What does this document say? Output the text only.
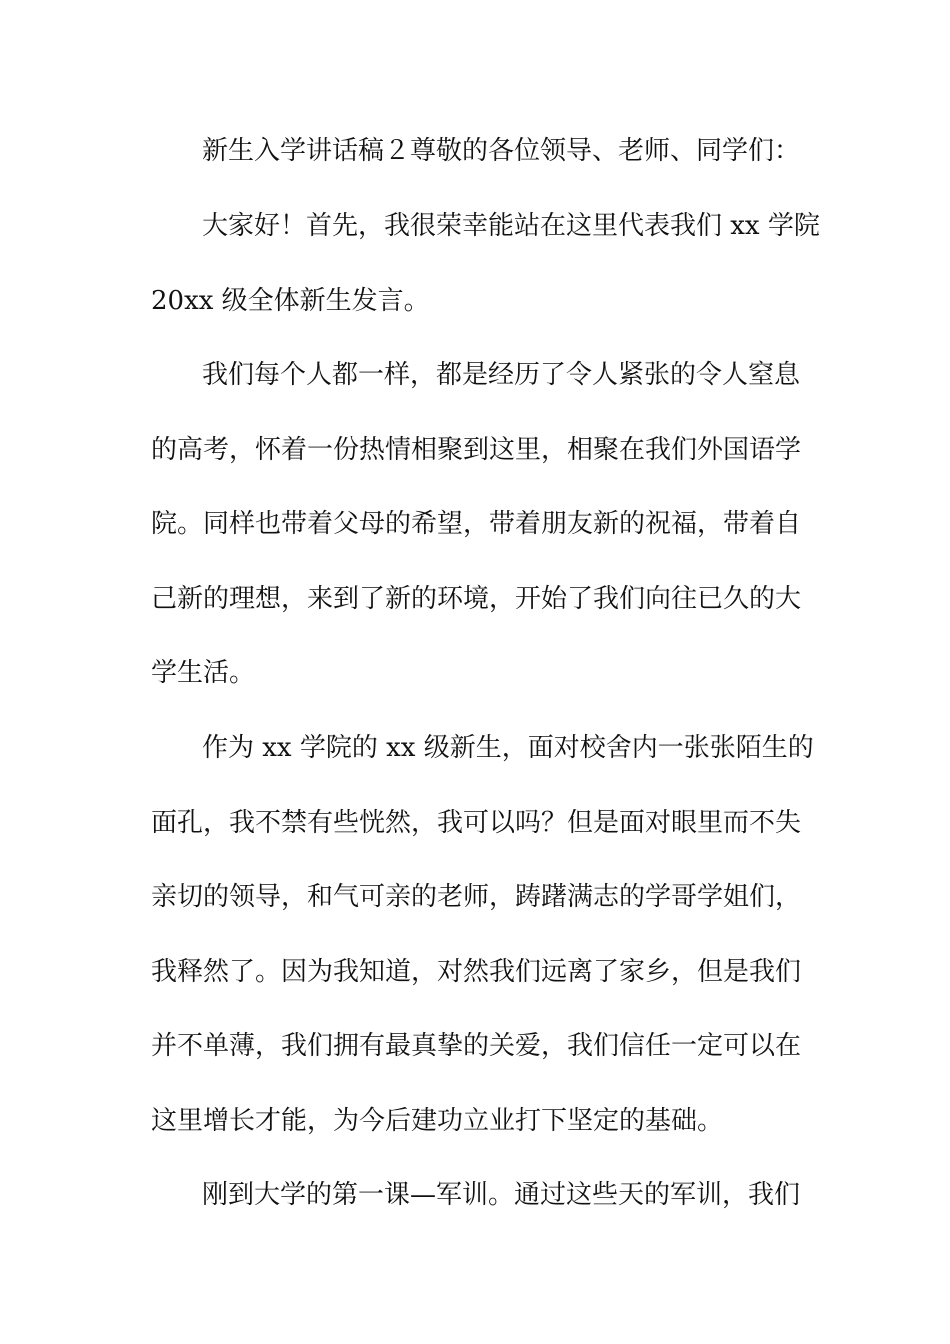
新生入学讲话稿２尊敬的各位领导、老师、同学们：
大家好！首先，我很荣幸能站在这里代表我们 xx 学院
20xx 级全体新生发言。
我们每个人都一样，都是经历了令人紧张的令人窒息
的高考，怀着一份热情相聚到这里，相聚在我们外国语学
院。同样也带着父母的希望，带着朋友新的祝福，带着自
己新的理想，来到了新的环境，开始了我们向往已久的大
学生活。
作为 xx 学院的 xx 级新生，面对校舍内一张张陌生的
面孔，我不禁有些恍然，我可以吗？但是面对眼里而不失
亲切的领导，和气可亲的老师，踌躇满志的学哥学姐们，
我释然了。因为我知道，对然我们远离了家乡，但是我们
并不单薄，我们拥有最真挚的关爱，我们信任一定可以在
这里增长才能，为今后建功立业打下坚定的基础。
刚到大学的第一课—军训。通过这些天的军训，我们
